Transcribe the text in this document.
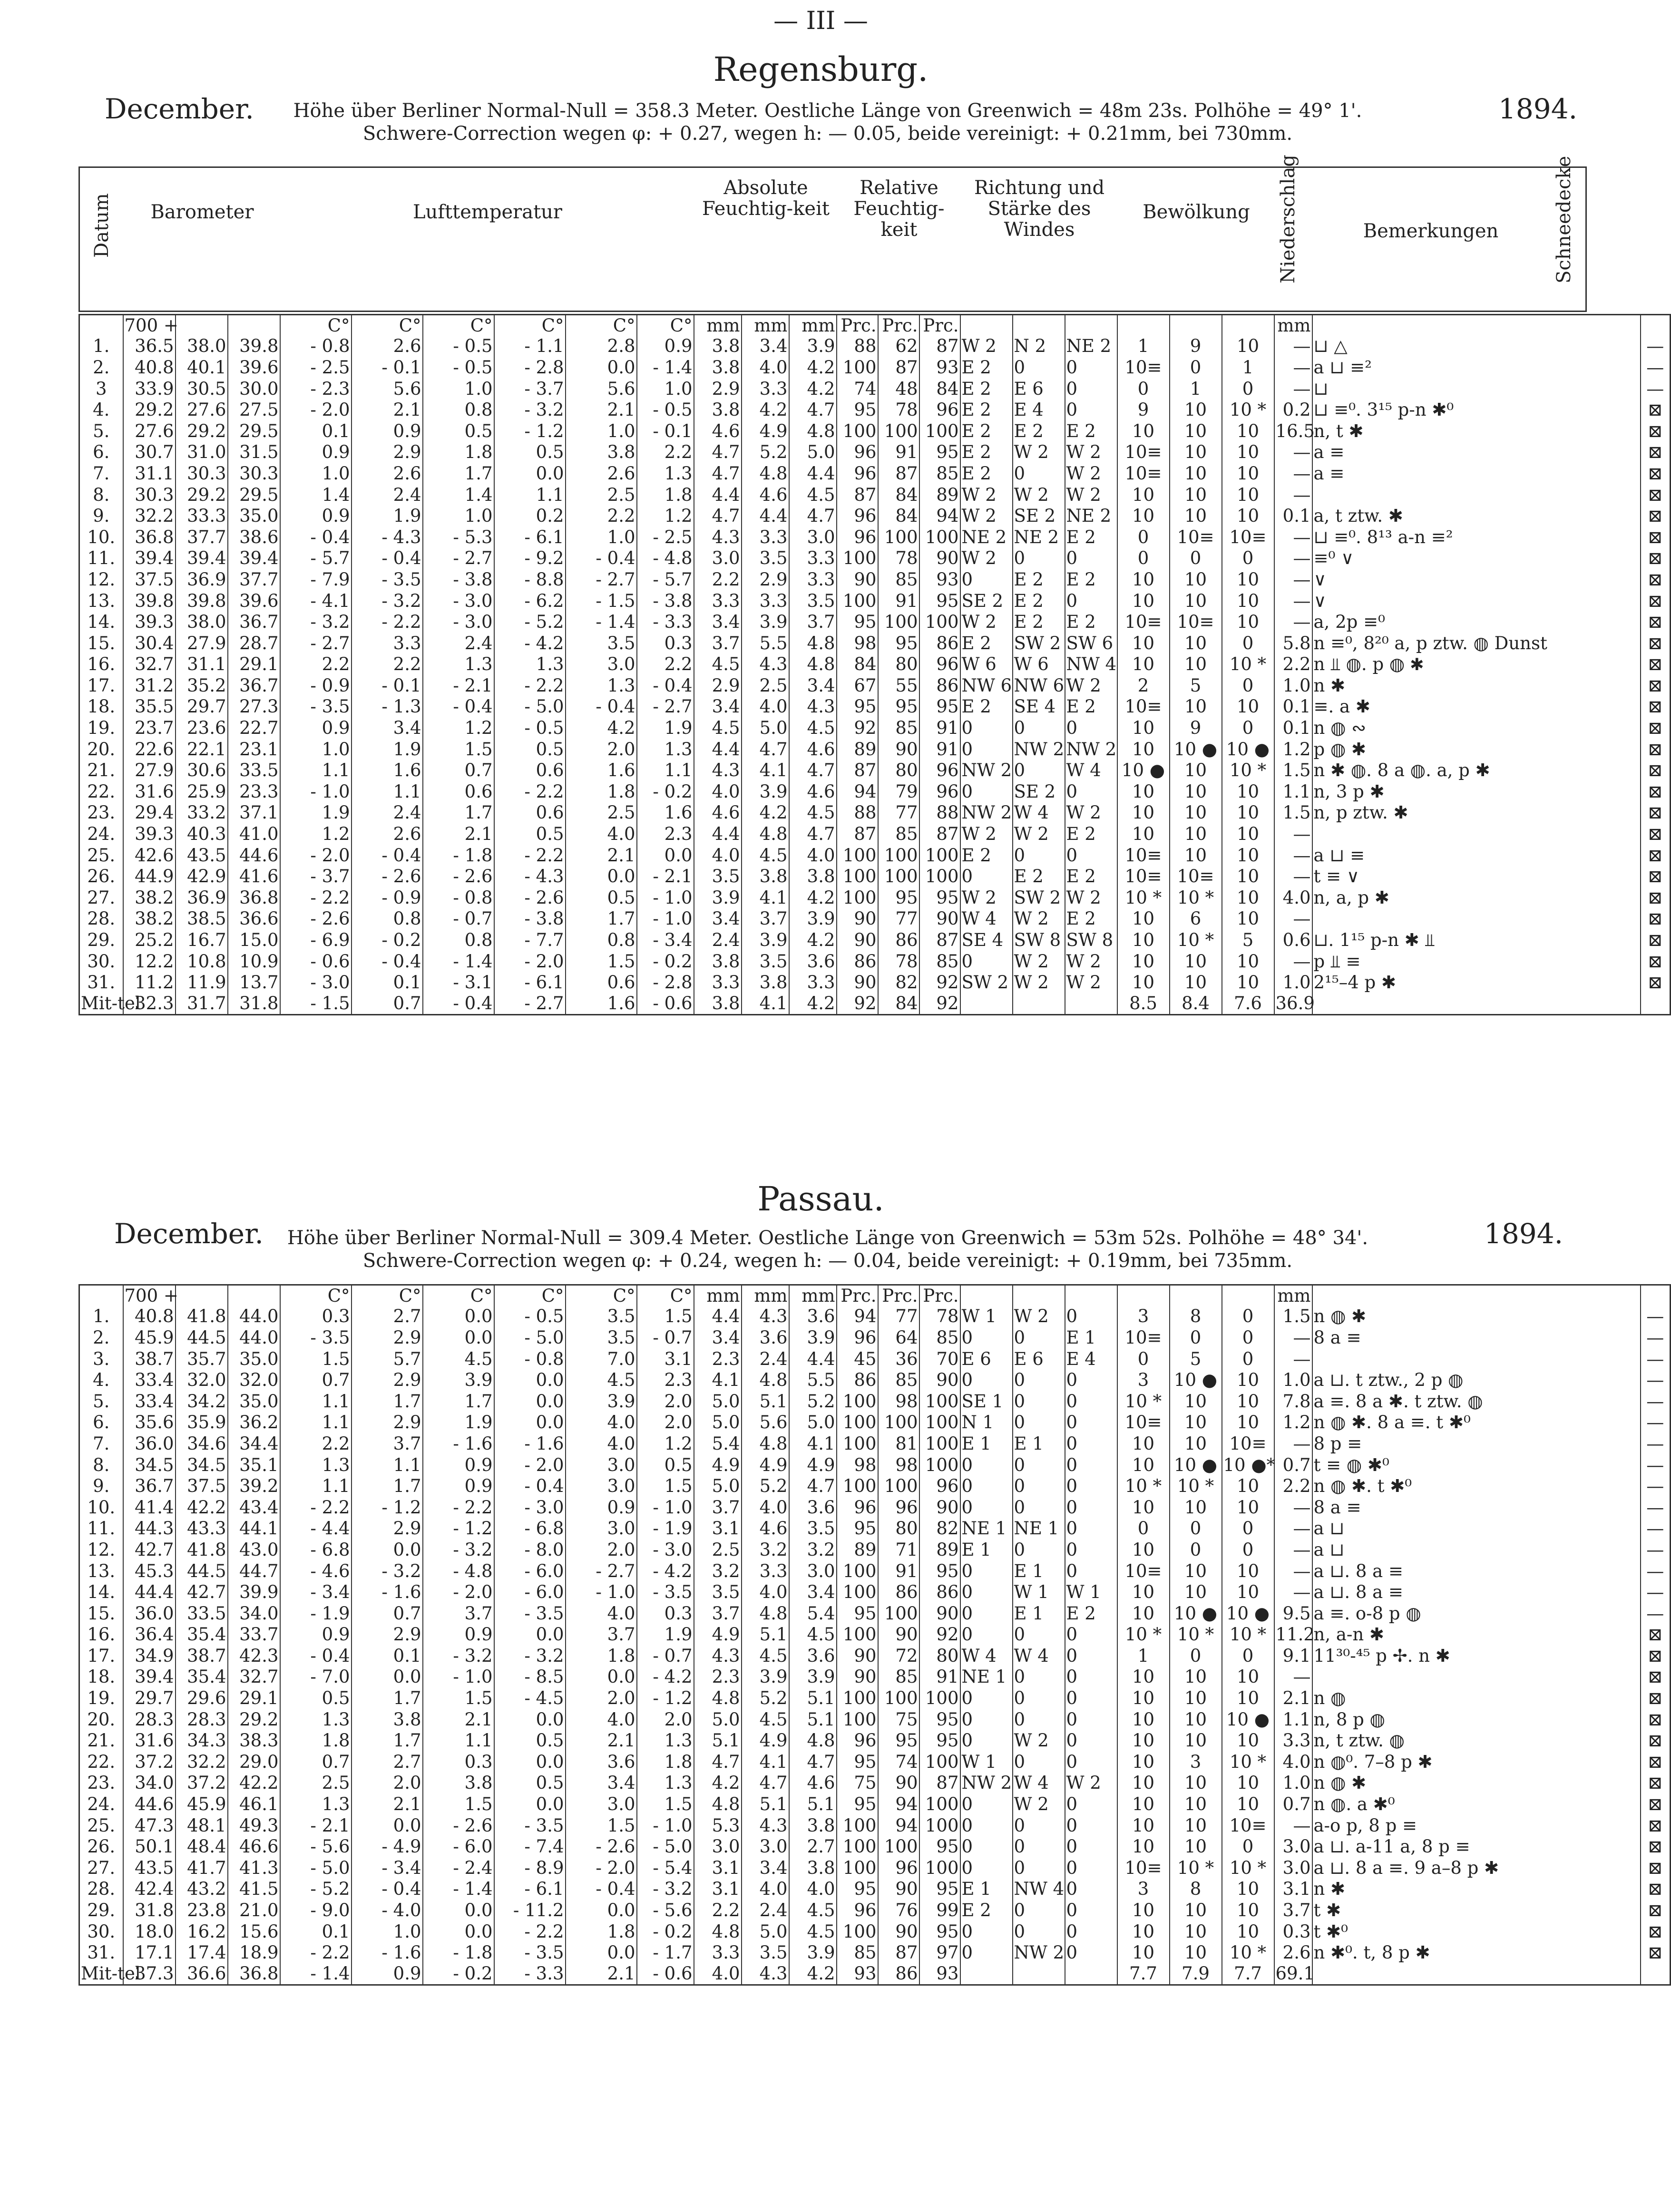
— III —
Regensburg.
December.	1894.
Höhe über Berliner Normal-Null = 358.3 Meter. Oestliche Länge von Greenwich = 48m 23s. Polhöhe = 49° 1'.
Schwere-Correction wegen φ: + 0.27, wegen h: — 0.05, beide vereinigt: + 0.21mm, bei 730mm.
Datum	Barometer	Lufttemperatur
Absolute Feuchtig-keit
Relative Feuchtig-keit
Richtung und Stärke des Windes
Bewölkung	Niederschlag	Bemerkungen	Schneedecke
	700 +			C°	C°	C°	C°	C°	C°	mm	mm	mm	Prc.	Prc.	Prc.							mm		
1.	36.5	38.0	39.8	- 0.8	2.6	- 0.5	- 1.1	2.8	0.9	3.8	3.4	3.9	88	62	87	W 2	N 2	NE 2	1	9	10	—	⊔ △	—
2.	40.8	40.1	39.6	- 2.5	- 0.1	- 0.5	- 2.8	0.0	- 1.4	3.8	4.0	4.2	100	87	93	E 2	0	0	10≡	0	1	—	a ⊔ ≡²	—
3	33.9	30.5	30.0	- 2.3	5.6	1.0	- 3.7	5.6	1.0	2.9	3.3	4.2	74	48	84	E 2	E 6	0	0	1	0	—	⊔	—
4.	29.2	27.6	27.5	- 2.0	2.1	0.8	- 3.2	2.1	- 0.5	3.8	4.2	4.7	95	78	96	E 2	E 4	0	9	10	10 *	0.2	⊔ ≡⁰. 3¹⁵ p-n ✱⁰	⊠
5.	27.6	29.2	29.5	0.1	0.9	0.5	- 1.2	1.0	- 0.1	4.6	4.9	4.8	100	100	100	E 2	E 2	E 2	10	10	10	16.5	n, t ✱	⊠
6.	30.7	31.0	31.5	0.9	2.9	1.8	0.5	3.8	2.2	4.7	5.2	5.0	96	91	95	E 2	W 2	W 2	10≡	10	10	—	a ≡	⊠
7.	31.1	30.3	30.3	1.0	2.6	1.7	0.0	2.6	1.3	4.7	4.8	4.4	96	87	85	E 2	0	W 2	10≡	10	10	—	a ≡	⊠
8.	30.3	29.2	29.5	1.4	2.4	1.4	1.1	2.5	1.8	4.4	4.6	4.5	87	84	89	W 2	W 2	W 2	10	10	10	—		⊠
9.	32.2	33.3	35.0	0.9	1.9	1.0	0.2	2.2	1.2	4.7	4.4	4.7	96	84	94	W 2	SE 2	NE 2	10	10	10	0.1	a, t ztw. ✱	⊠
10.	36.8	37.7	38.6	- 0.4	- 4.3	- 5.3	- 6.1	1.0	- 2.5	4.3	3.3	3.0	96	100	100	NE 2	NE 2	E 2	0	10≡	10≡	—	⊔ ≡⁰. 8¹³ a-n ≡²	⊠
11.	39.4	39.4	39.4	- 5.7	- 0.4	- 2.7	- 9.2	- 0.4	- 4.8	3.0	3.5	3.3	100	78	90	W 2	0	0	0	0	0	—	≡⁰ ∨	⊠
12.	37.5	36.9	37.7	- 7.9	- 3.5	- 3.8	- 8.8	- 2.7	- 5.7	2.2	2.9	3.3	90	85	93	0	E 2	E 2	10	10	10	—	∨	⊠
13.	39.8	39.8	39.6	- 4.1	- 3.2	- 3.0	- 6.2	- 1.5	- 3.8	3.3	3.3	3.5	100	91	95	SE 2	E 2	0	10	10	10	—	∨	⊠
14.	39.3	38.0	36.7	- 3.2	- 2.2	- 3.0	- 5.2	- 1.4	- 3.3	3.4	3.9	3.7	95	100	100	W 2	E 2	E 2	10≡	10≡	10	—	a, 2p ≡⁰	⊠
15.	30.4	27.9	28.7	- 2.7	3.3	2.4	- 4.2	3.5	0.3	3.7	5.5	4.8	98	95	86	E 2	SW 2	SW 6	10	10	0	5.8	n ≡⁰, 8²⁰ a, p ztw. ◍ Dunst	⊠
16.	32.7	31.1	29.1	2.2	2.2	1.3	1.3	3.0	2.2	4.5	4.3	4.8	84	80	96	W 6	W 6	NW 4	10	10	10 *	2.2	n ⫫ ◍. p ◍ ✱	⊠
17.	31.2	35.2	36.7	- 0.9	- 0.1	- 2.1	- 2.2	1.3	- 0.4	2.9	2.5	3.4	67	55	86	NW 6	NW 6	W 2	2	5	0	1.0	n ✱	⊠
18.	35.5	29.7	27.3	- 3.5	- 1.3	- 0.4	- 5.0	- 0.4	- 2.7	3.4	4.0	4.3	95	95	95	E 2	SE 4	E 2	10≡	10	10	0.1	≡. a ✱	⊠
19.	23.7	23.6	22.7	0.9	3.4	1.2	- 0.5	4.2	1.9	4.5	5.0	4.5	92	85	91	0	0	0	10	9	0	0.1	n ◍ ∾	⊠
20.	22.6	22.1	23.1	1.0	1.9	1.5	0.5	2.0	1.3	4.4	4.7	4.6	89	90	91	0	NW 2	NW 2	10	10 ●	10 ●	1.2	p ◍ ✱	⊠
21.	27.9	30.6	33.5	1.1	1.6	0.7	0.6	1.6	1.1	4.3	4.1	4.7	87	80	96	NW 2	0	W 4	10 ●	10	10 *	1.5	n ✱ ◍. 8 a ◍. a, p ✱	⊠
22.	31.6	25.9	23.3	- 1.0	1.1	0.6	- 2.2	1.8	- 0.2	4.0	3.9	4.6	94	79	96	0	SE 2	0	10	10	10	1.1	n, 3 p ✱	⊠
23.	29.4	33.2	37.1	1.9	2.4	1.7	0.6	2.5	1.6	4.6	4.2	4.5	88	77	88	NW 2	W 4	W 2	10	10	10	1.5	n, p ztw. ✱	⊠
24.	39.3	40.3	41.0	1.2	2.6	2.1	0.5	4.0	2.3	4.4	4.8	4.7	87	85	87	W 2	W 2	E 2	10	10	10	—		⊠
25.	42.6	43.5	44.6	- 2.0	- 0.4	- 1.8	- 2.2	2.1	0.0	4.0	4.5	4.0	100	100	100	E 2	0	0	10≡	10	10	—	a ⊔ ≡	⊠
26.	44.9	42.9	41.6	- 3.7	- 2.6	- 2.6	- 4.3	0.0	- 2.1	3.5	3.8	3.8	100	100	100	0	E 2	E 2	10≡	10≡	10	—	t ≡ ∨	⊠
27.	38.2	36.9	36.8	- 2.2	- 0.9	- 0.8	- 2.6	0.5	- 1.0	3.9	4.1	4.2	100	95	95	W 2	SW 2	W 2	10 *	10 *	10	4.0	n, a, p ✱	⊠
28.	38.2	38.5	36.6	- 2.6	0.8	- 0.7	- 3.8	1.7	- 1.0	3.4	3.7	3.9	90	77	90	W 4	W 2	E 2	10	6	10	—		⊠
29.	25.2	16.7	15.0	- 6.9	- 0.2	0.8	- 7.7	0.8	- 3.4	2.4	3.9	4.2	90	86	87	SE 4	SW 8	SW 8	10	10 *	5	0.6	⊔. 1¹⁵ p-n ✱ ⫫	⊠
30.	12.2	10.8	10.9	- 0.6	- 0.4	- 1.4	- 2.0	1.5	- 0.2	3.8	3.5	3.6	86	78	85	0	W 2	W 2	10	10	10	—	p ⫫ ≡	⊠
31.	11.2	11.9	13.7	- 3.0	0.1	- 3.1	- 6.1	0.6	- 2.8	3.3	3.8	3.3	90	82	92	SW 2	W 2	W 2	10	10	10	1.0	2¹⁵–4 p ✱	⊠
Mit-tel	32.3	31.7	31.8	- 1.5	0.7	- 0.4	- 2.7	1.6	- 0.6	3.8	4.1	4.2	92	84	92				8.5	8.4	7.6	36.9		
Passau.
December.	1894.
Höhe über Berliner Normal-Null = 309.4 Meter. Oestliche Länge von Greenwich = 53m 52s. Polhöhe = 48° 34'.
Schwere-Correction wegen φ: + 0.24, wegen h: — 0.04, beide vereinigt: + 0.19mm, bei 735mm.
	700 +			C°	C°	C°	C°	C°	C°	mm	mm	mm	Prc.	Prc.	Prc.							mm		
1.	40.8	41.8	44.0	0.3	2.7	0.0	- 0.5	3.5	1.5	4.4	4.3	3.6	94	77	78	W 1	W 2	0	3	8	0	1.5	n ◍ ✱	—
2.	45.9	44.5	44.0	- 3.5	2.9	0.0	- 5.0	3.5	- 0.7	3.4	3.6	3.9	96	64	85	0	0	E 1	10≡	0	0	—	8 a ≡	—
3.	38.7	35.7	35.0	1.5	5.7	4.5	- 0.8	7.0	3.1	2.3	2.4	4.4	45	36	70	E 6	E 6	E 4	0	5	0	—		—
4.	33.4	32.0	32.0	0.7	2.9	3.9	0.0	4.5	2.3	4.1	4.8	5.5	86	85	90	0	0	0	3	10 ●	10	1.0	a ⊔. t ztw., 2 p ◍	—
5.	33.4	34.2	35.0	1.1	1.7	1.7	0.0	3.9	2.0	5.0	5.1	5.2	100	98	100	SE 1	0	0	10 *	10	10	7.8	a ≡. 8 a ✱. t ztw. ◍	—
6.	35.6	35.9	36.2	1.1	2.9	1.9	0.0	4.0	2.0	5.0	5.6	5.0	100	100	100	N 1	0	0	10≡	10	10	1.2	n ◍ ✱. 8 a ≡. t ✱⁰	—
7.	36.0	34.6	34.4	2.2	3.7	- 1.6	- 1.6	4.0	1.2	5.4	4.8	4.1	100	81	100	E 1	E 1	0	10	10	10≡	—	8 p ≡	—
8.	34.5	34.5	35.1	1.3	1.1	0.9	- 2.0	3.0	0.5	4.9	4.9	4.9	98	98	100	0	0	0	10	10 ●	10 ●*	0.7	t ≡ ◍ ✱⁰	—
9.	36.7	37.5	39.2	1.1	1.7	0.9	- 0.4	3.0	1.5	5.0	5.2	4.7	100	100	96	0	0	0	10 *	10 *	10	2.2	n ◍ ✱. t ✱⁰	—
10.	41.4	42.2	43.4	- 2.2	- 1.2	- 2.2	- 3.0	0.9	- 1.0	3.7	4.0	3.6	96	96	90	0	0	0	10	10	10	—	8 a ≡	—
11.	44.3	43.3	44.1	- 4.4	2.9	- 1.2	- 6.8	3.0	- 1.9	3.1	4.6	3.5	95	80	82	NE 1	NE 1	0	0	0	0	—	a ⊔	—
12.	42.7	41.8	43.0	- 6.8	0.0	- 3.2	- 8.0	2.0	- 3.0	2.5	3.2	3.2	89	71	89	E 1	0	0	10	0	0	—	a ⊔	—
13.	45.3	44.5	44.7	- 4.6	- 3.2	- 4.8	- 6.0	- 2.7	- 4.2	3.2	3.3	3.0	100	91	95	0	E 1	0	10≡	10	10	—	a ⊔. 8 a ≡	—
14.	44.4	42.7	39.9	- 3.4	- 1.6	- 2.0	- 6.0	- 1.0	- 3.5	3.5	4.0	3.4	100	86	86	0	W 1	W 1	10	10	10	—	a ⊔. 8 a ≡	—
15.	36.0	33.5	34.0	- 1.9	0.7	3.7	- 3.5	4.0	0.3	3.7	4.8	5.4	95	100	90	0	E 1	E 2	10	10 ●	10 ●	9.5	a ≡. o-8 p ◍	—
16.	36.4	35.4	33.7	0.9	2.9	0.9	0.0	3.7	1.9	4.9	5.1	4.5	100	90	92	0	0	0	10 *	10 *	10 *	11.2	n, a-n ✱	⊠
17.	34.9	38.7	42.3	- 0.4	0.1	- 3.2	- 3.2	1.8	- 0.7	4.3	4.5	3.6	90	72	80	W 4	W 4	0	1	0	0	9.1	11³⁰-⁴⁵ p ✢. n ✱	⊠
18.	39.4	35.4	32.7	- 7.0	0.0	- 1.0	- 8.5	0.0	- 4.2	2.3	3.9	3.9	90	85	91	NE 1	0	0	10	10	10	—		⊠
19.	29.7	29.6	29.1	0.5	1.7	1.5	- 4.5	2.0	- 1.2	4.8	5.2	5.1	100	100	100	0	0	0	10	10	10	2.1	n ◍	⊠
20.	28.3	28.3	29.2	1.3	3.8	2.1	0.0	4.0	2.0	5.0	4.5	5.1	100	75	95	0	0	0	10	10	10 ●	1.1	n, 8 p ◍	⊠
21.	31.6	34.3	38.3	1.8	1.7	1.1	0.5	2.1	1.3	5.1	4.9	4.8	96	95	95	0	W 2	0	10	10	10	3.3	n, t ztw. ◍	⊠
22.	37.2	32.2	29.0	0.7	2.7	0.3	0.0	3.6	1.8	4.7	4.1	4.7	95	74	100	W 1	0	0	10	3	10 *	4.0	n ◍⁰. 7–8 p ✱	⊠
23.	34.0	37.2	42.2	2.5	2.0	3.8	0.5	3.4	1.3	4.2	4.7	4.6	75	90	87	NW 2	W 4	W 2	10	10	10	1.0	n ◍ ✱	⊠
24.	44.6	45.9	46.1	1.3	2.1	1.5	0.0	3.0	1.5	4.8	5.1	5.1	95	94	100	0	W 2	0	10	10	10	0.7	n ◍. a ✱⁰	⊠
25.	47.3	48.1	49.3	- 2.1	0.0	- 2.6	- 3.5	1.5	- 1.0	5.3	4.3	3.8	100	94	100	0	0	0	10	10	10≡	—	a-o p, 8 p ≡	⊠
26.	50.1	48.4	46.6	- 5.6	- 4.9	- 6.0	- 7.4	- 2.6	- 5.0	3.0	3.0	2.7	100	100	95	0	0	0	10	10	0	3.0	a ⊔. a-11 a, 8 p ≡	⊠
27.	43.5	41.7	41.3	- 5.0	- 3.4	- 2.4	- 8.9	- 2.0	- 5.4	3.1	3.4	3.8	100	96	100	0	0	0	10≡	10 *	10 *	3.0	a ⊔. 8 a ≡. 9 a–8 p ✱	⊠
28.	42.4	43.2	41.5	- 5.2	- 0.4	- 1.4	- 6.1	- 0.4	- 3.2	3.1	4.0	4.0	95	90	95	E 1	NW 4	0	3	8	10	3.1	n ✱	⊠
29.	31.8	23.8	21.0	- 9.0	- 4.0	0.0	- 11.2	0.0	- 5.6	2.2	2.4	4.5	96	76	99	E 2	0	0	10	10	10	3.7	t ✱	⊠
30.	18.0	16.2	15.6	0.1	1.0	0.0	- 2.2	1.8	- 0.2	4.8	5.0	4.5	100	90	95	0	0	0	10	10	10	0.3	t ✱⁰	⊠
31.	17.1	17.4	18.9	- 2.2	- 1.6	- 1.8	- 3.5	0.0	- 1.7	3.3	3.5	3.9	85	87	97	0	NW 2	0	10	10	10 *	2.6	n ✱⁰. t, 8 p ✱	⊠
Mit-tel	37.3	36.6	36.8	- 1.4	0.9	- 0.2	- 3.3	2.1	- 0.6	4.0	4.3	4.2	93	86	93				7.7	7.9	7.7	69.1		
